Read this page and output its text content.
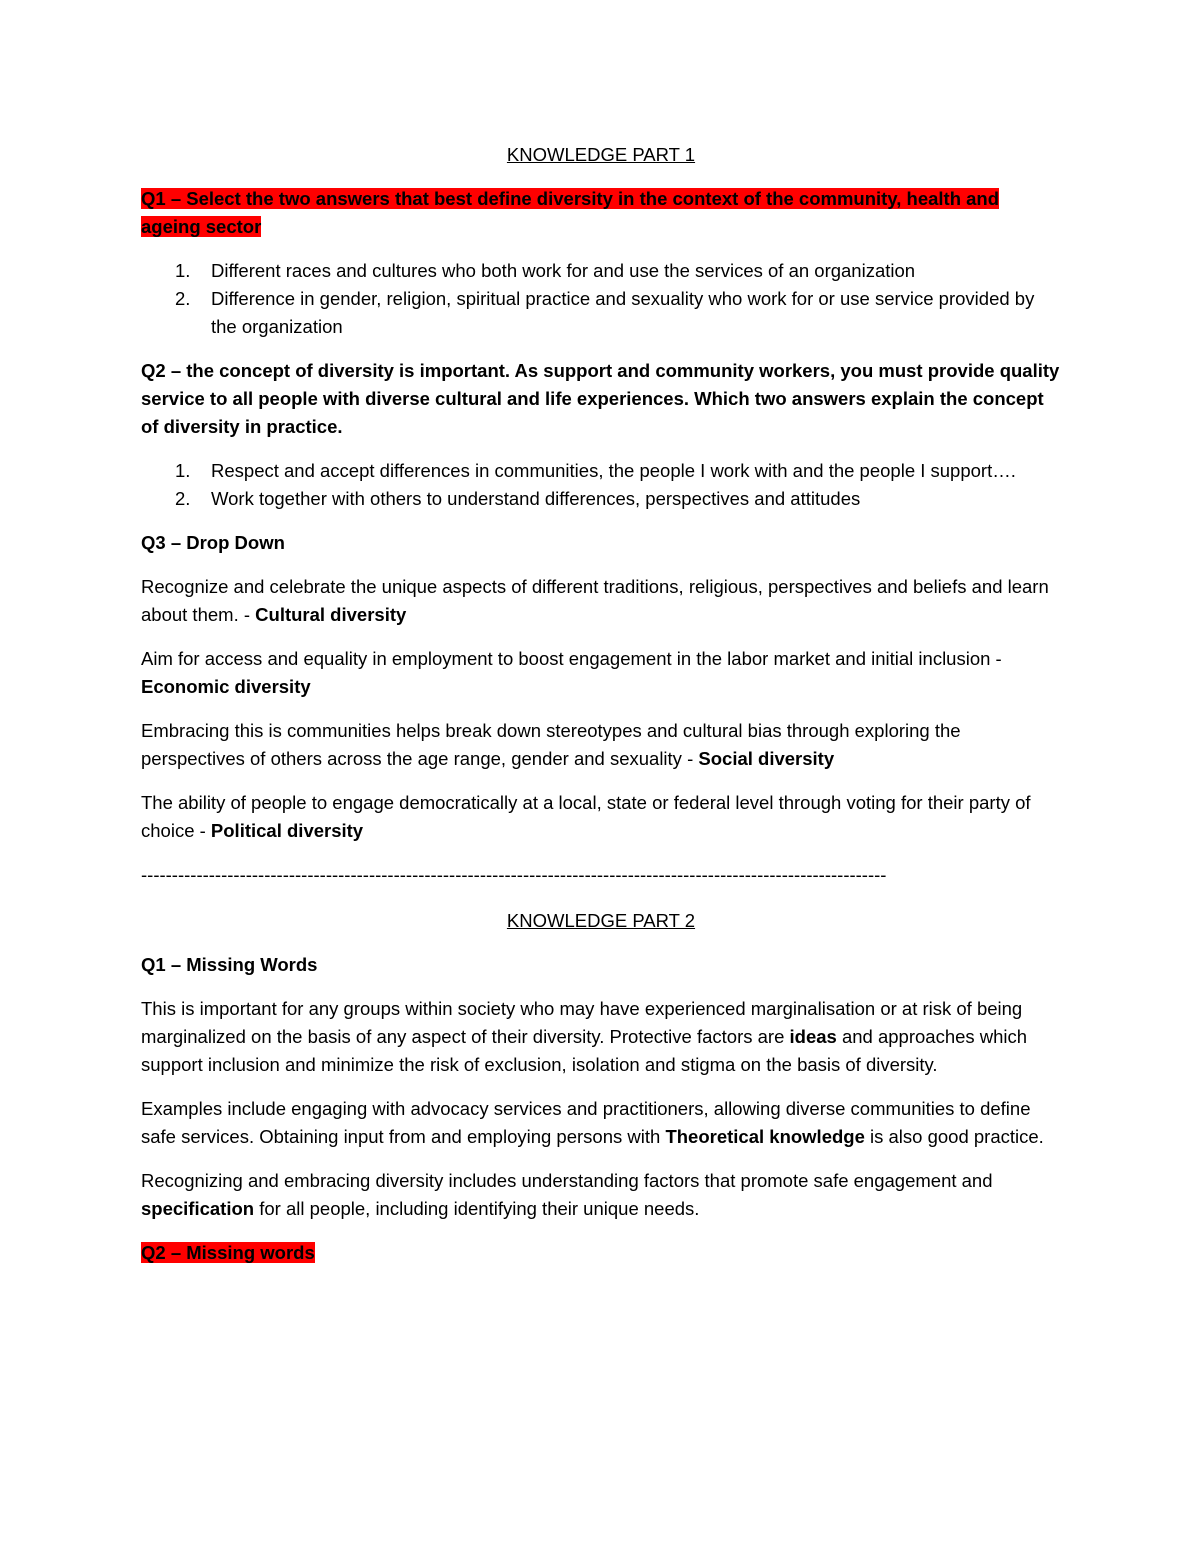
KNOWLEDGE PART 1

Q1 – Select the two answers that best define diversity in the context of the community, health and ageing sector

1. Different races and cultures who both work for and use the services of an organization
2. Difference in gender, religion, spiritual practice and sexuality who work for or use service provided by the organization

Q2 – the concept of diversity is important. As support and community workers, you must provide quality service to all people with diverse cultural and life experiences. Which two answers explain the concept of diversity in practice.

1. Respect and accept differences in communities, the people I work with and the people I support….
2. Work together with others to understand differences, perspectives and attitudes

Q3 – Drop Down

Recognize and celebrate the unique aspects of different traditions, religious, perspectives and beliefs and learn about them. - Cultural diversity

Aim for access and equality in employment to boost engagement in the labor market and initial inclusion - Economic diversity

Embracing this is communities helps break down stereotypes and cultural bias through exploring the perspectives of others across the age range, gender and sexuality - Social diversity

The ability of people to engage democratically at a local, state or federal level through voting for their party of choice - Political diversity

-------------------------------------------------------------------------------------------------------------------------

KNOWLEDGE PART 2

Q1 – Missing Words

This is important for any groups within society who may have experienced marginalisation or at risk of being marginalized on the basis of any aspect of their diversity. Protective factors are ideas and approaches which support inclusion and minimize the risk of exclusion, isolation and stigma on the basis of diversity.

Examples include engaging with advocacy services and practitioners, allowing diverse communities to define safe services. Obtaining input from and employing persons with Theoretical knowledge is also good practice.

Recognizing and embracing diversity includes understanding factors that promote safe engagement and specification for all people, including identifying their unique needs.

Q2 – Missing words
